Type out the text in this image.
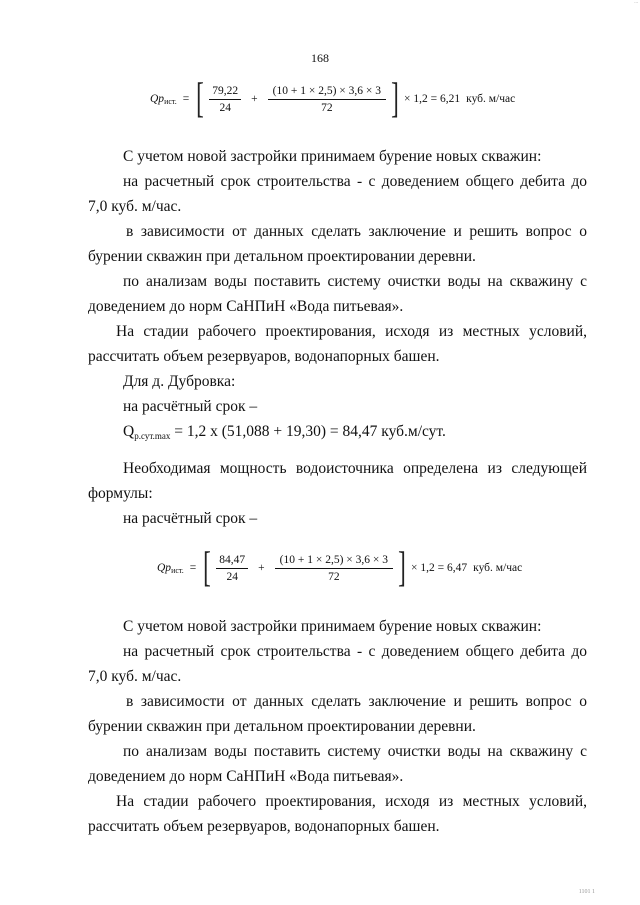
...
168
Qр ист. = [ $\frac{79,22}{24} + \frac{(10 + 1 \times 2,5) \times 3,6 \times 3}{72}$ ] × 1,2 = 6,21 куб. м/час

С учетом новой застройки принимаем бурение новых скважин:

на расчетный срок строительства - с доведением общего дебита до 7,0 куб. м/час.

в зависимости от данных сделать заключение и решить вопрос о бурении скважин при детальном проектировании деревни.

по анализам воды поставить систему очистки воды на скважину с доведением до норм СаНПиН «Вода питьевая».

На стадии рабочего проектирования, исходя из местных условий, рассчитать объем резервуаров, водонапорных башен.

Для д. Дубровка:

на расчётный срок –

Qр.сут.max = 1,2 x (51,088 + 19,30) = 84,47 куб.м/сут.

Необходимая мощность водоисточника определена из следующей формулы:

на расчётный срок –

Qр ист. = [ $\frac{84,47}{24} + \frac{(10 + 1 \times 2,5) \times 3,6 \times 3}{72}$ ] × 1,2 = 6,47 куб. м/час

С учетом новой застройки принимаем бурение новых скважин:

на расчетный срок строительства - с доведением общего дебита до 7,0 куб. м/час.

в зависимости от данных сделать заключение и решить вопрос о бурении скважин при детальном проектировании деревни.

по анализам воды поставить систему очистки воды на скважину с доведением до норм СаНПиН «Вода питьевая».

На стадии рабочего проектирования, исходя из местных условий, рассчитать объем резервуаров, водонапорных башен.

1101 1
